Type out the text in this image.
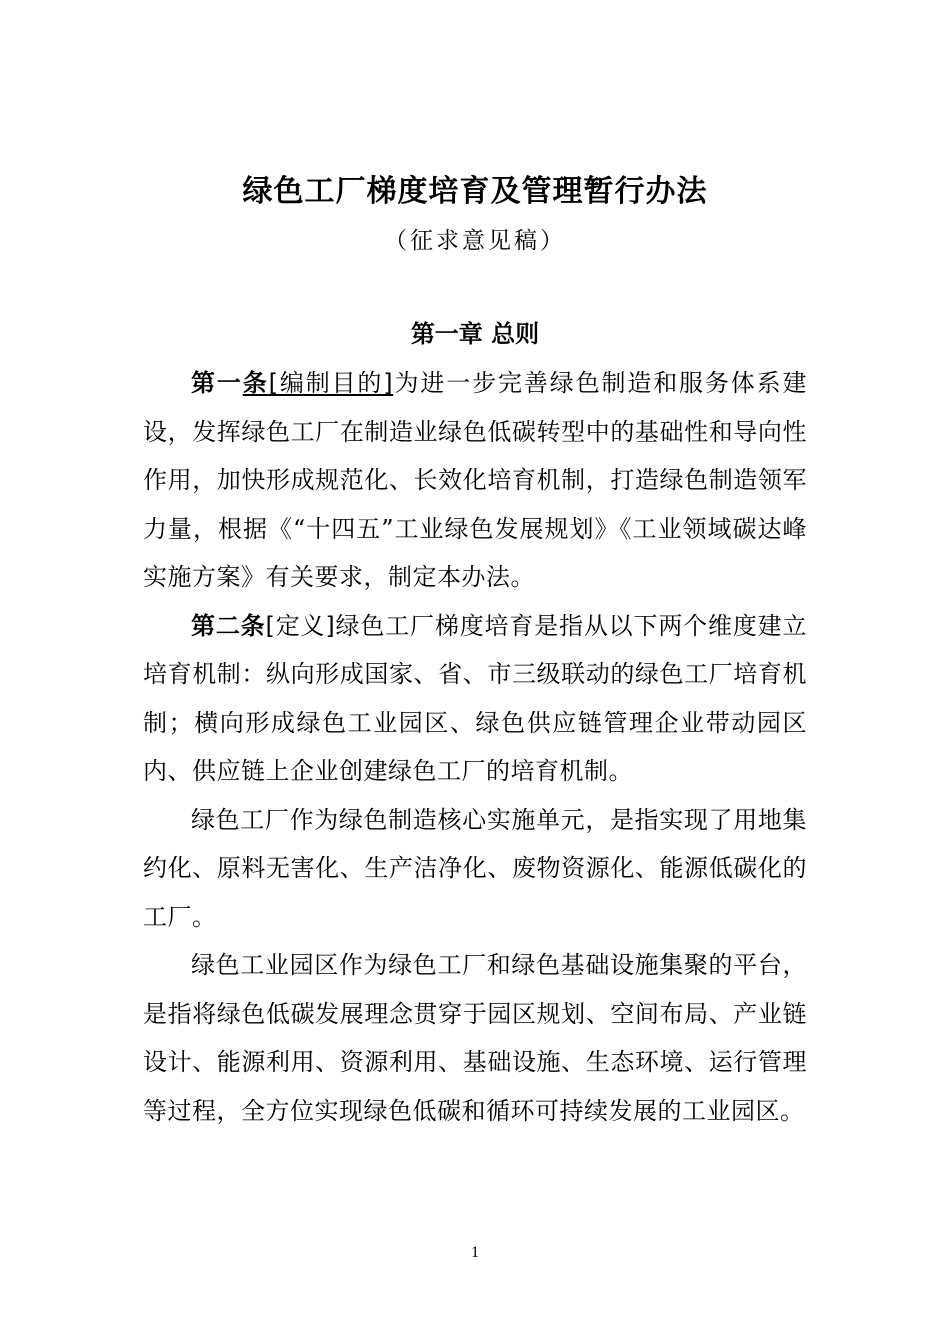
绿色工厂梯度培育及管理暂行办法
（征求意见稿）
第一章 总则

第一条[编制目的]为进一步完善绿色制造和服务体系建设，发挥绿色工厂在制造业绿色低碳转型中的基础性和导向性作用，加快形成规范化、长效化培育机制，打造绿色制造领军力量，根据《“十四五”工业绿色发展规划》《工业领域碳达峰实施方案》有关要求，制定本办法。

第二条[定义]绿色工厂梯度培育是指从以下两个维度建立培育机制：纵向形成国家、省、市三级联动的绿色工厂培育机制；横向形成绿色工业园区、绿色供应链管理企业带动园区内、供应链上企业创建绿色工厂的培育机制。

绿色工厂作为绿色制造核心实施单元，是指实现了用地集约化、原料无害化、生产洁净化、废物资源化、能源低碳化的工厂。

绿色工业园区作为绿色工厂和绿色基础设施集聚的平台，是指将绿色低碳发展理念贯穿于园区规划、空间布局、产业链设计、能源利用、资源利用、基础设施、生态环境、运行管理等过程，全方位实现绿色低碳和循环可持续发展的工业园区。

1
